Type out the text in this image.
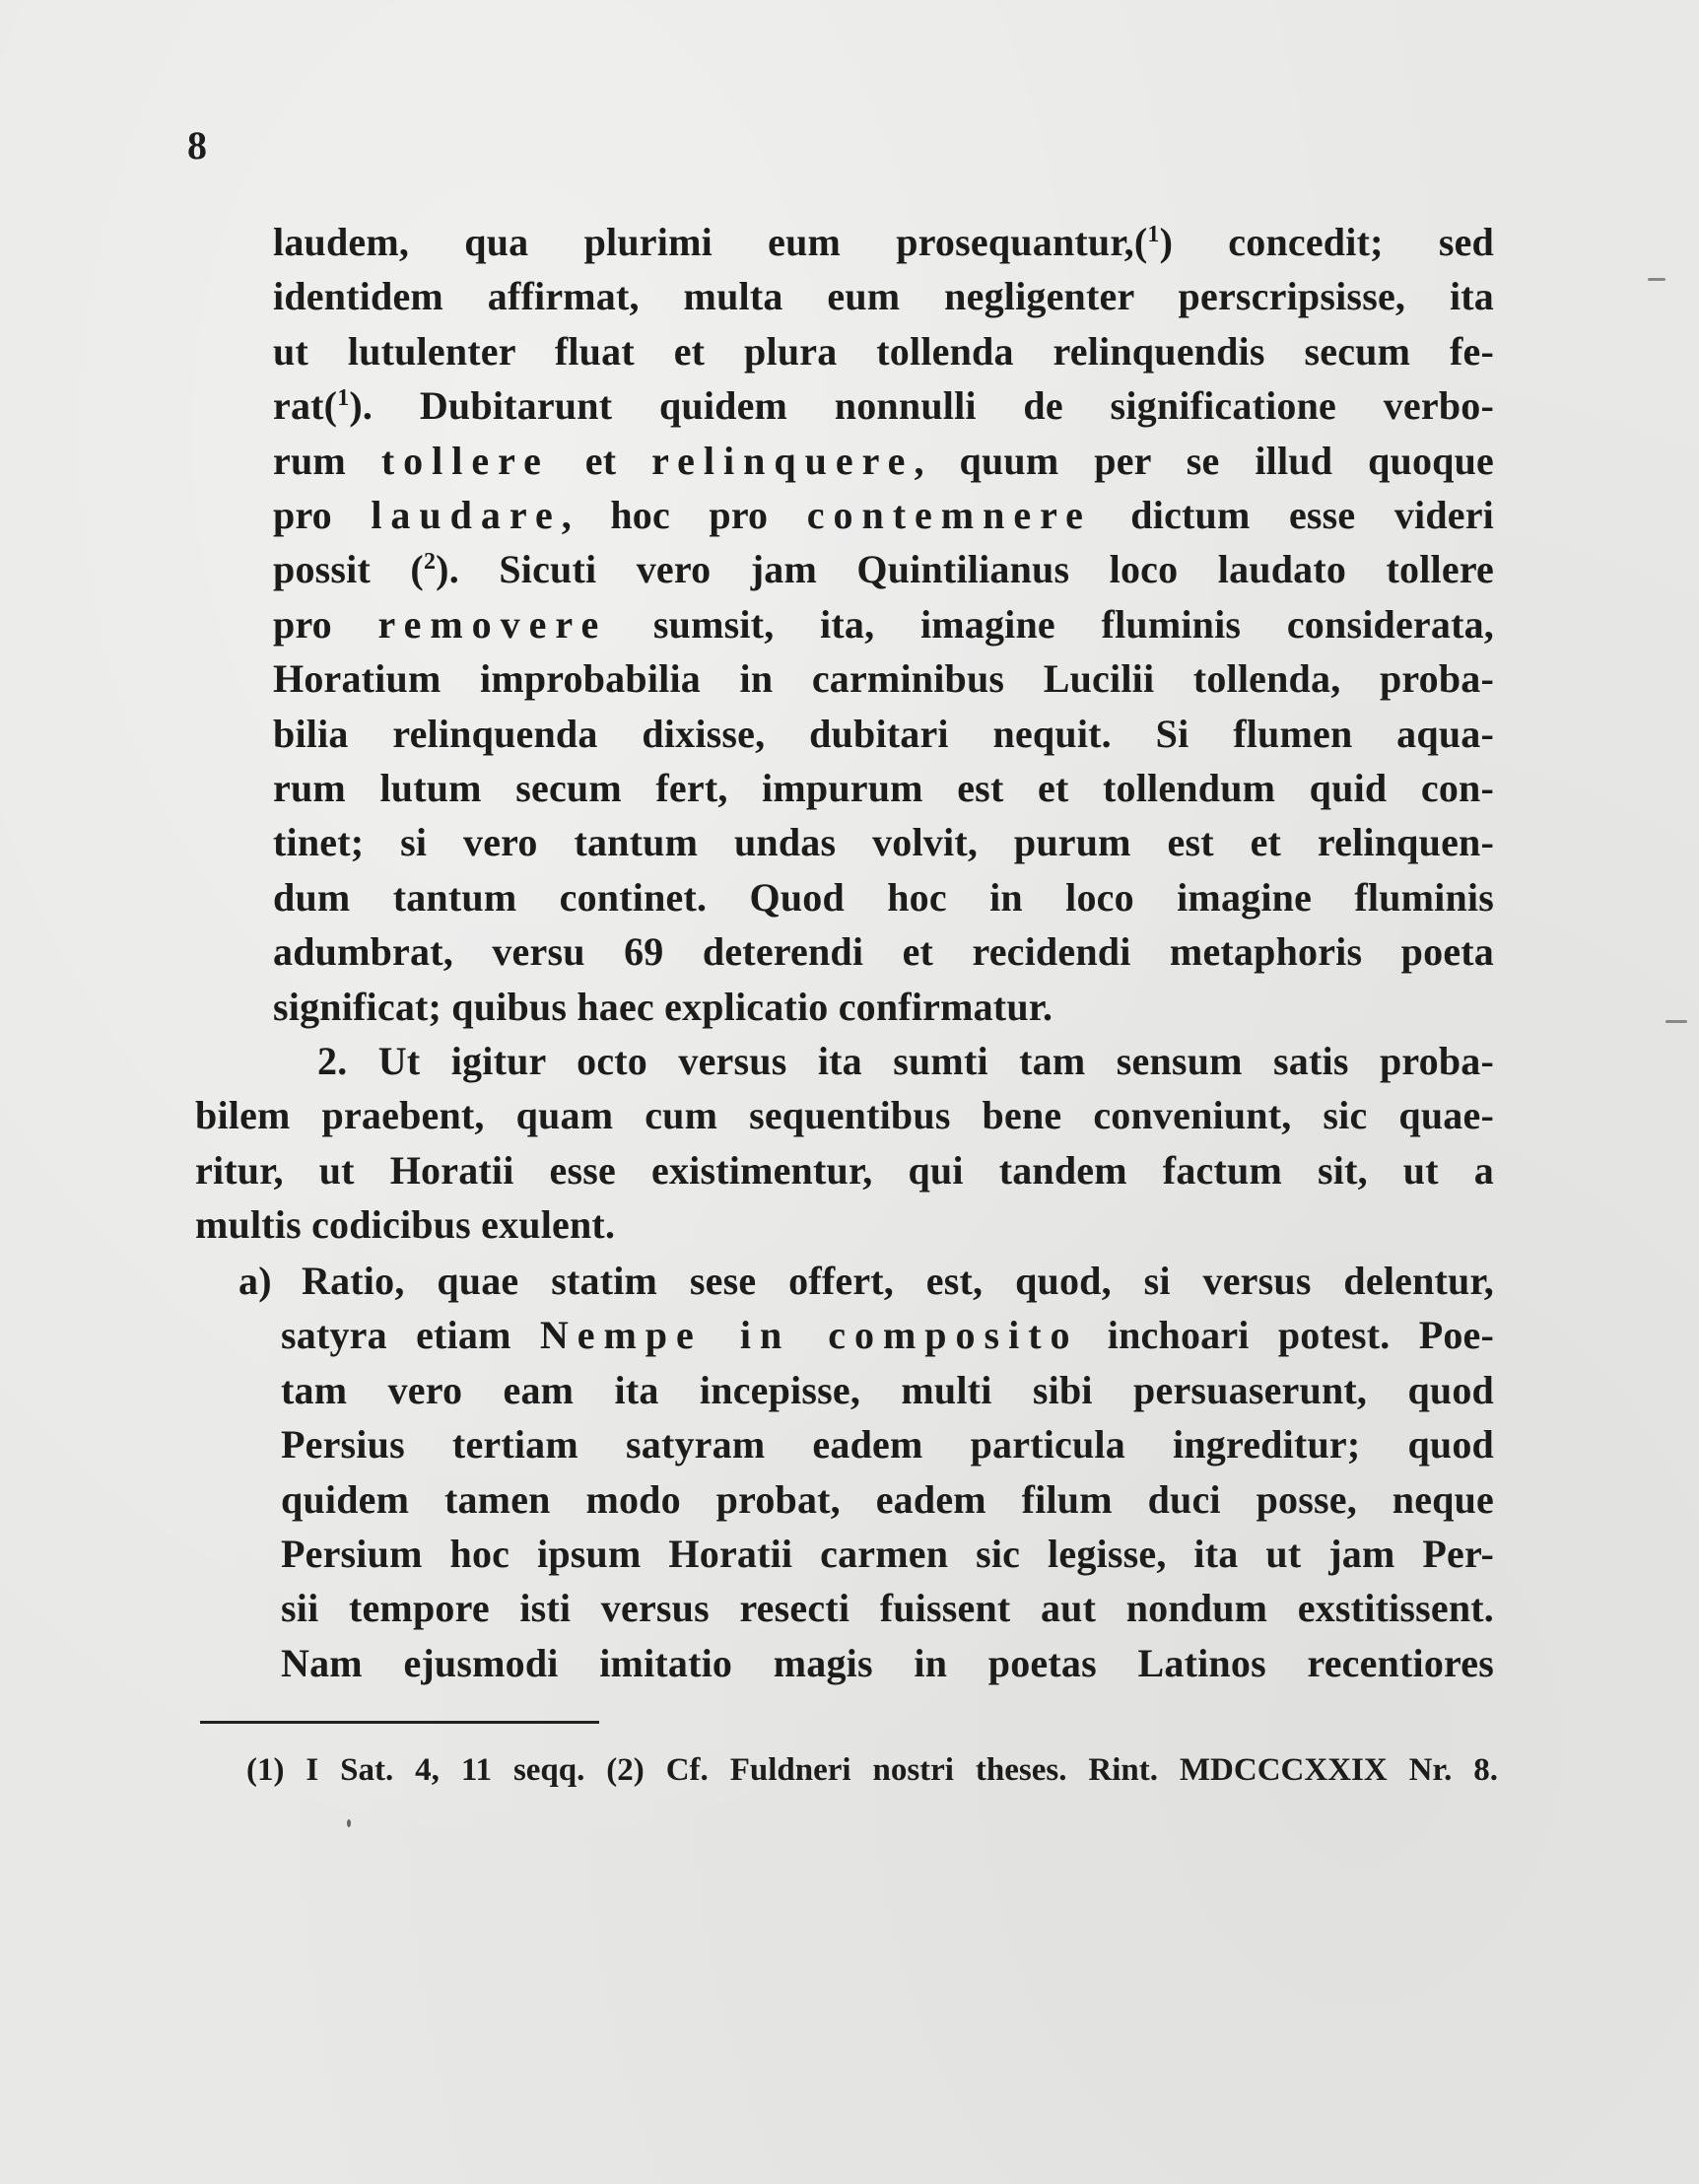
8
laudem, qua plurimi eum prosequantur,($^1$) concedit; sed
identidem affirmat, multa eum negligenter perscripsisse, ita
ut lutulenter fluat et plura tollenda relinquendis secum fe-
rat($^1$). Dubitarunt quidem nonnulli de significatione verbo-
rum tollere et relinquere, quum per se illud quoque
pro laudare, hoc pro contemnere dictum esse videri
possit ($^2$). Sicuti vero jam Quintilianus loco laudato tollere
pro removere sumsit, ita, imagine fluminis considerata,
Horatium improbabilia in carminibus Lucilii tollenda, proba-
bilia relinquenda dixisse, dubitari nequit. Si flumen aqua-
rum lutum secum fert, impurum est et tollendum quid con-
tinet; si vero tantum undas volvit, purum est et relinquen-
dum tantum continet. Quod hoc in loco imagine fluminis
adumbrat, versu 69 deterendi et recidendi metaphoris poeta
significat; quibus haec explicatio confirmatur.
2. Ut igitur octo versus ita sumti tam sensum satis proba-
bilem praebent, quam cum sequentibus bene conveniunt, sic quae-
ritur, ut Horatii esse existimentur, qui tandem factum sit, ut a
multis codicibus exulent.
Ratio, quae statim sese offert, est, quod, si versus delentur,
satyra etiam Nempe in composito inchoari potest. Poe-
tam vero eam ita incepisse, multi sibi persuaserunt, quod
Persius tertiam satyram eadem particula ingreditur; quod
quidem tamen modo probat, eadem filum duci posse, neque
Persium hoc ipsum Horatii carmen sic legisse, ita ut jam Per-
sii tempore isti versus resecti fuissent aut nondum exstitissent.
Nam ejusmodi imitatio magis in poetas Latinos recentiores
a)
(1) I Sat. 4, 11 seqq. (2) Cf. Fuldneri nostri theses. Rint. MDCCCXXIX Nr. 8.
